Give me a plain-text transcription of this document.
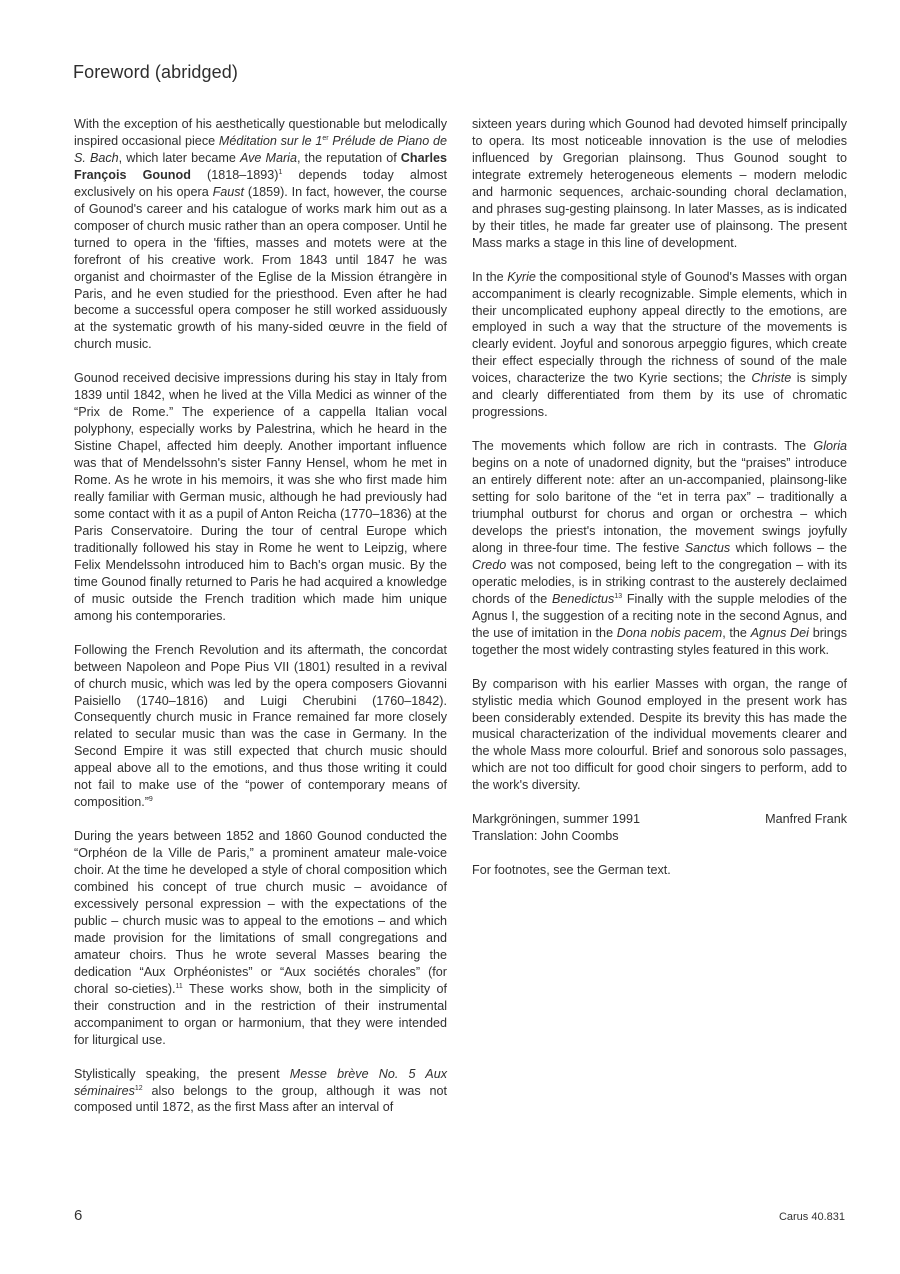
Foreword (abridged)

With the exception of his aesthetically questionable but melodically inspired occasional piece Méditation sur le 1er Prélude de Piano de S. Bach, which later became Ave Maria, the reputation of Charles François Gounod (1818–1893)$^1$ depends today almost exclusively on his opera Faust (1859). In fact, however, the course of Gounod's career and his catalogue of works mark him out as a composer of church music rather than an opera composer. Until he turned to opera in the 'fifties, masses and motets were at the forefront of his creative work. From 1843 until 1847 he was organist and choirmaster of the Eglise de la Mission étrangère in Paris, and he even studied for the priesthood. Even after he had become a successful opera composer he still worked assiduously at the systematic growth of his many-sided œuvre in the field of church music.

Gounod received decisive impressions during his stay in Italy from 1839 until 1842, when he lived at the Villa Medici as winner of the “Prix de Rome.” The experience of a cappella Italian vocal polyphony, especially works by Palestrina, which he heard in the Sistine Chapel, affected him deeply. Another important influence was that of Mendelssohn's sister Fanny Hensel, whom he met in Rome. As he wrote in his memoirs, it was she who first made him really familiar with German music, although he had previously had some contact with it as a pupil of Anton Reicha (1770–1836) at the Paris Conservatoire. During the tour of central Europe which traditionally followed his stay in Rome he went to Leipzig, where Felix Mendelssohn introduced him to Bach's organ music. By the time Gounod finally returned to Paris he had acquired a knowledge of music outside the French tradition which made him unique among his contemporaries.

Following the French Revolution and its aftermath, the concordat between Napoleon and Pope Pius VII (1801) resulted in a revival of church music, which was led by the opera composers Giovanni Paisiello (1740–1816) and Luigi Cherubini (1760–1842). Consequently church music in France remained far more closely related to secular music than was the case in Germany. In the Second Empire it was still expected that church music should appeal above all to the emotions, and thus those writing it could not fail to make use of the “power of contemporary means of composition.”$^9$

During the years between 1852 and 1860 Gounod conducted the “Orphéon de la Ville de Paris,” a prominent amateur male-voice choir. At the time he developed a style of choral composition which combined his concept of true church music – avoidance of excessively personal expression – with the expectations of the public – church music was to appeal to the emotions – and which made provision for the limitations of small congregations and amateur choirs. Thus he wrote several Masses bearing the dedication “Aux Orphéonistes” or “Aux sociétés chorales” (for choral so-cieties).$^{11}$ These works show, both in the simplicity of their construction and in the restriction of their instrumental accompaniment to organ or harmonium, that they were intended for liturgical use.

Stylistically speaking, the present Messe brève No. 5 Aux séminaires$^{12}$ also belongs to the group, although it was not composed until 1872, as the first Mass after an interval of

sixteen years during which Gounod had devoted himself principally to opera. Its most noticeable innovation is the use of melodies influenced by Gregorian plainsong. Thus Gounod sought to integrate extremely heterogeneous elements – modern melodic and harmonic sequences, archaic-sounding choral declamation, and phrases sug-gesting plainsong. In later Masses, as is indicated by their titles, he made far greater use of plainsong. The present Mass marks a stage in this line of development.

In the Kyrie the compositional style of Gounod's Masses with organ accompaniment is clearly recognizable. Simple elements, which in their uncomplicated euphony appeal directly to the emotions, are employed in such a way that the structure of the movements is clearly evident. Joyful and sonorous arpeggio figures, which create their effect especially through the richness of sound of the male voices, characterize the two Kyrie sections; the Christe is simply and clearly differentiated from them by its use of chromatic progressions.

The movements which follow are rich in contrasts. The Gloria begins on a note of unadorned dignity, but the “praises” introduce an entirely different note: after an un-accompanied, plainsong-like setting for solo baritone of the “et in terra pax” – traditionally a triumphal outburst for chorus and organ or orchestra – which develops the priest's intonation, the movement swings joyfully along in three-four time. The festive Sanctus which follows – the Credo was not composed, being left to the congregation – with its operatic melodies, is in striking contrast to the austerely declaimed chords of the Benedictus$^{13}$ Finally with the supple melodies of the Agnus I, the suggestion of a reciting note in the second Agnus, and the use of imitation in the Dona nobis pacem, the Agnus Dei brings together the most widely contrasting styles featured in this work.

By comparison with his earlier Masses with organ, the range of stylistic media which Gounod employed in the present work has been considerably extended. Despite its brevity this has made the musical characterization of the individual movements clearer and the whole Mass more colourful. Brief and sonorous solo passages, which are not too difficult for good choir singers to perform, add to the work's diversity.

Markgröningen, summer 1991	Manfred Frank
Translation: John Coombs

For footnotes, see the German text.

6	Carus 40.831
